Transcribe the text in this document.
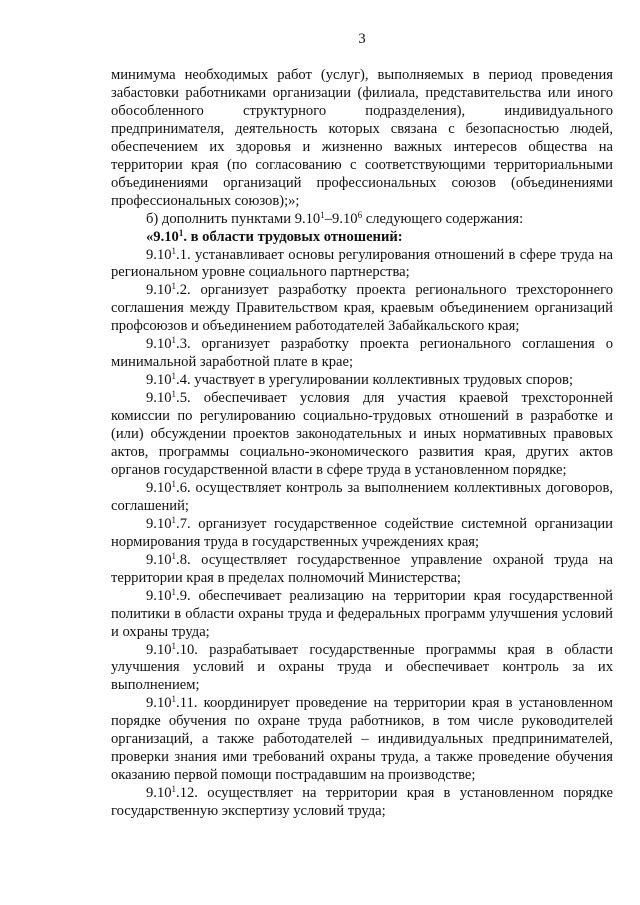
3

минимума необходимых работ (услуг), выполняемых в период проведения забастовки работниками организации (филиала, представительства или иного обособленного структурного подразделения), индивидуального предпринимателя, деятельность которых связана с безопасностью людей, обеспечением их здоровья и жизненно важных интересов общества на территории края (по согласованию с соответствующими территориальными объединениями организаций профессиональных союзов (объединениями профессиональных союзов);»;

б) дополнить пунктами 9.10$^1$–9.10$^6$ следующего содержания:

«9.10$^1$. в области трудовых отношений:

9.10$^1$.1. устанавливает основы регулирования отношений в сфере труда на региональном уровне социального партнерства;

9.10$^1$.2. организует разработку проекта регионального трехстороннего соглашения между Правительством края, краевым объединением организаций профсоюзов и объединением работодателей Забайкальского края;

9.10$^1$.3. организует разработку проекта регионального соглашения о минимальной заработной плате в крае;

9.10$^1$.4. участвует в урегулировании коллективных трудовых споров;

9.10$^1$.5. обеспечивает условия для участия краевой трехсторонней комиссии по регулированию социально-трудовых отношений в разработке и (или) обсуждении проектов законодательных и иных нормативных правовых актов, программы социально-экономического развития края, других актов органов государственной власти в сфере труда в установленном порядке;

9.10$^1$.6. осуществляет контроль за выполнением коллективных договоров, соглашений;

9.10$^1$.7. организует государственное содействие системной организации нормирования труда в государственных учреждениях края;

9.10$^1$.8. осуществляет государственное управление охраной труда на территории края в пределах полномочий Министерства;

9.10$^1$.9. обеспечивает реализацию на территории края государственной политики в области охраны труда и федеральных программ улучшения условий и охраны труда;

9.10$^1$.10. разрабатывает государственные программы края в области улучшения условий и охраны труда и обеспечивает контроль за их выполнением;

9.10$^1$.11. координирует проведение на территории края в установленном порядке обучения по охране труда работников, в том числе руководителей организаций, а также работодателей – индивидуальных предпринимателей, проверки знания ими требований охраны труда, а также проведение обучения оказанию первой помощи пострадавшим на производстве;

9.10$^1$.12. осуществляет на территории края в установленном порядке государственную экспертизу условий труда;
